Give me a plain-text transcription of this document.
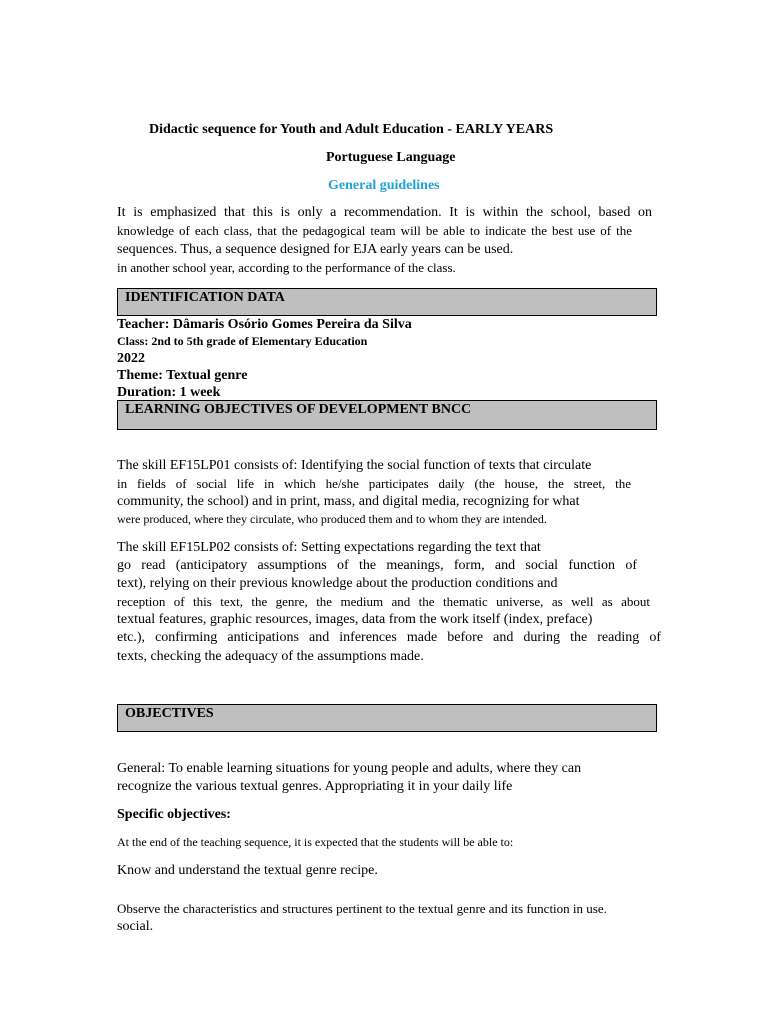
Didactic sequence for Youth and Adult Education - EARLY YEARS
Portuguese Language
General guidelines
It is emphasized that this is only a recommendation. It is within the school, based on
knowledge of each class, that the pedagogical team will be able to indicate the best use of the
sequences. Thus, a sequence designed for EJA early years can be used.
in another school year, according to the performance of the class.
IDENTIFICATION DATA
Teacher: Dâmaris Osório Gomes Pereira da Silva
Class: 2nd to 5th grade of Elementary Education
2022
Theme: Textual genre
Duration: 1 week
LEARNING OBJECTIVES OF DEVELOPMENT BNCC
The skill EF15LP01 consists of: Identifying the social function of texts that circulate
in fields of social life in which he/she participates daily (the house, the street, the
community, the school) and in print, mass, and digital media, recognizing for what
were produced, where they circulate, who produced them and to whom they are intended.
The skill EF15LP02 consists of: Setting expectations regarding the text that
go read (anticipatory assumptions of the meanings, form, and social function of
text), relying on their previous knowledge about the production conditions and
reception of this text, the genre, the medium and the thematic universe, as well as about
textual features, graphic resources, images, data from the work itself (index, preface)
etc.), confirming anticipations and inferences made before and during the reading of
texts, checking the adequacy of the assumptions made.
OBJECTIVES
General: To enable learning situations for young people and adults, where they can
recognize the various textual genres. Appropriating it in your daily life
Specific objectives:
At the end of the teaching sequence, it is expected that the students will be able to:
Know and understand the textual genre recipe.
Observe the characteristics and structures pertinent to the textual genre and its function in use.
social.
